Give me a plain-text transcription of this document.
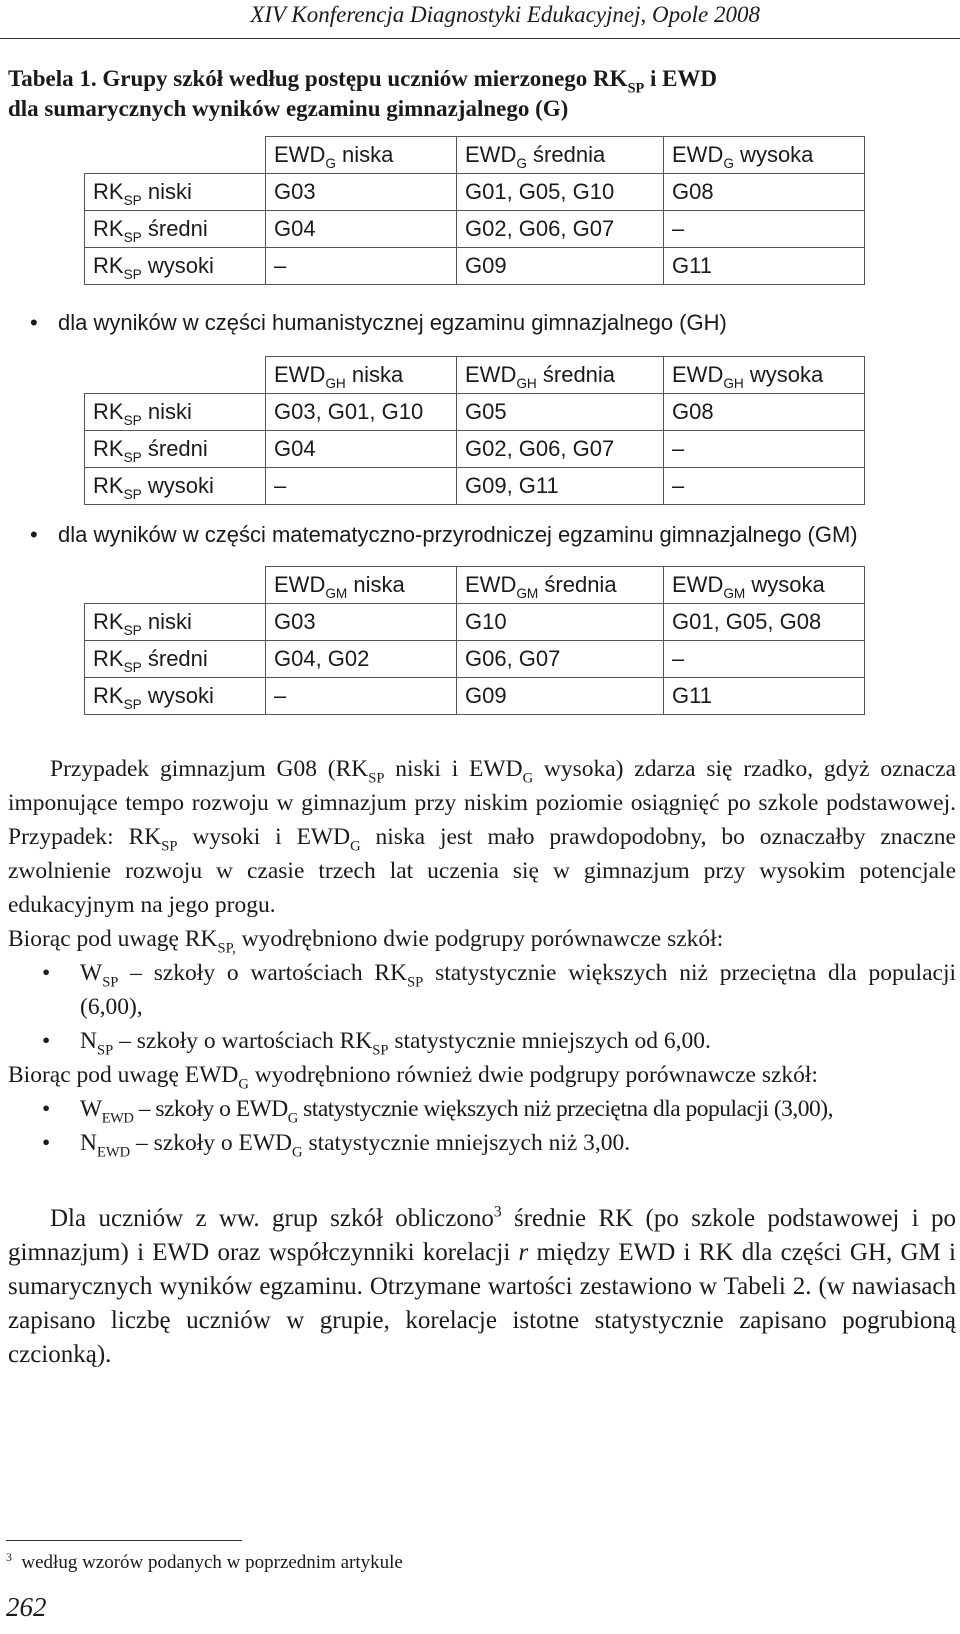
XIV Konferencja Diagnostyki Edukacyjnej, Opole 2008
Tabela 1. Grupy szkół według postępu uczniów mierzonego $RK_{SP}$ i EWD
dla sumarycznych wyników egzaminu gimnazjalnego (G)
	$EWD_G$ niska	$EWD_G$ średnia	$EWD_G$ wysoka
$RK_{SP}$ niski	G03	G01, G05, G10	G08
$RK_{SP}$ średni	G04	G02, G06, G07	–
$RK_{SP}$ wysoki	–	G09	G11
• dla wyników w części humanistycznej egzaminu gimnazjalnego (GH)
	$EWD_{GH}$ niska	$EWD_{GH}$ średnia	$EWD_{GH}$ wysoka
$RK_{SP}$ niski	G03, G01, G10	G05	G08
$RK_{SP}$ średni	G04	G02, G06, G07	–
$RK_{SP}$ wysoki	–	G09, G11	–
• dla wyników w części matematyczno-przyrodniczej egzaminu gimnazjalnego (GM)
	$EWD_{GM}$ niska	$EWD_{GM}$ średnia	$EWD_{GM}$ wysoka
$RK_{SP}$ niski	G03	G10	G01, G05, G08
$RK_{SP}$ średni	G04, G02	G06, G07	–
$RK_{SP}$ wysoki	–	G09	G11

Przypadek gimnazjum G08 ($RK_{SP}$ niski i $EWD_G$ wysoka) zdarza się rzadko, gdyż oznacza imponujące tempo rozwoju w gimnazjum przy niskim poziomie osiągnięć po szkole podstawowej. Przypadek: $RK_{SP}$ wysoki i $EWD_G$ niska jest mało prawdopodobny, bo oznaczałby znaczne zwolnienie rozwoju w czasie trzech lat uczenia się w gimnazjum przy wysokim potencjale edukacyjnym na jego progu.

Biorąc pod uwagę $RK_{SP,}$ wyodrębniono dwie podgrupy porównawcze szkół:

• $W_{SP}$ – szkoły o wartościach $RK_{SP}$ statystycznie większych niż przeciętna dla populacji (6,00),

• $N_{SP}$ – szkoły o wartościach $RK_{SP}$ statystycznie mniejszych od 6,00.

Biorąc pod uwagę $EWD_G$ wyodrębniono również dwie podgrupy porównawcze szkół:

• $W_{EWD}$ – szkoły o $EWD_G$ statystycznie większych niż przeciętna dla populacji (3,00),

• $N_{EWD}$ – szkoły o $EWD_G$ statystycznie mniejszych niż 3,00.

Dla uczniów z ww. grup szkół obliczono$^3$ średnie RK (po szkole podstawowej i po gimnazjum) i EWD oraz współczynniki korelacji r między EWD i RK dla części GH, GM i sumarycznych wyników egzaminu. Otrzymane wartości zestawiono w Tabeli 2. (w nawiasach zapisano liczbę uczniów w grupie, korelacje istotne statystycznie zapisano pogrubioną czcionką).

$^3$ według wzorów podanych w poprzednim artykule
262
